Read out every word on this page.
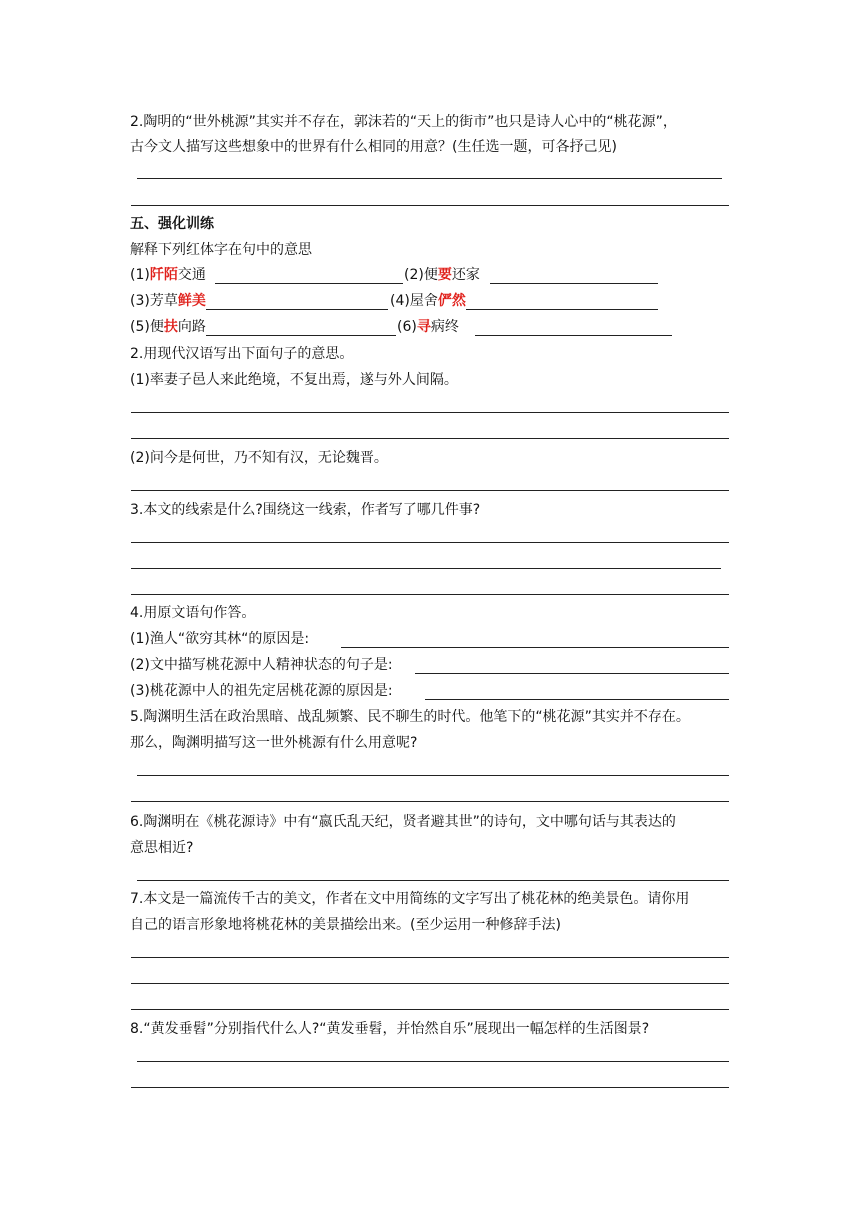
2.陶明的“世外桃源”其实并不存在，郭沫若的“天上的街市”也只是诗人心中的“桃花源”，
古今文人描写这些想象中的世界有什么相同的用意？(生任选一题，可各抒己见)
五、强化训练
解释下列红体字在句中的意思
(1)阡陌交通	(2)便要还家
(3)芳草鲜美	(4)屋舍俨然
(5)便扶向路	(6)寻病终
2.用现代汉语写出下面句子的意思。
(1)率妻子邑人来此绝境，不复出焉，遂与外人间隔。
(2)问今是何世，乃不知有汉，无论魏晋。
3.本文的线索是什么?围绕这一线索，作者写了哪几件事?
4.用原文语句作答。
(1)渔人“欲穷其林“的原因是:
(2)文中描写桃花源中人精神状态的句子是:
(3)桃花源中人的祖先定居桃花源的原因是:
5.陶渊明生活在政治黑暗、战乱频繁、民不聊生的时代。他笔下的“桃花源”其实并不存在。
那么，陶渊明描写这一世外桃源有什么用意呢?
6.陶渊明在《桃花源诗》中有“嬴氏乱天纪，贤者避其世”的诗句，文中哪句话与其表达的
意思相近?
7.本文是一篇流传千古的美文，作者在文中用简练的文字写出了桃花林的绝美景色。请你用
自己的语言形象地将桃花林的美景描绘出来。(至少运用一种修辞手法)
8.“黄发垂髫”分别指代什么人?“黄发垂髫，并怡然自乐”展现出一幅怎样的生活图景?
